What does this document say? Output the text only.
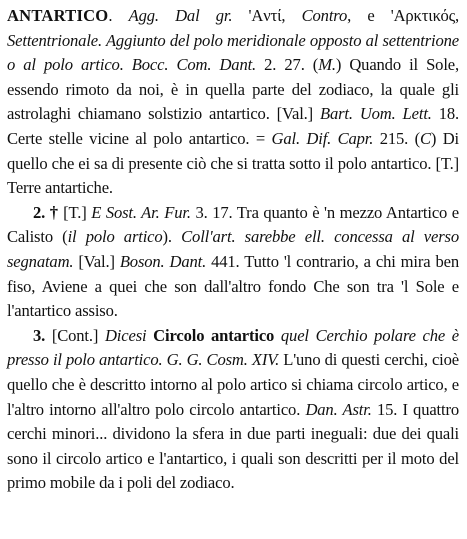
ANTARTICO. Agg. Dal gr. 'Aντί, Contro, e 'Aρκτικός, Settentrionale. Aggiunto del polo meridionale opposto al settentrione o al polo artico. Bocc. Com. Dant. 2. 27. (M.) Quando il Sole, essendo rimoto da noi, è in quella parte del zodiaco, la quale gli astrolaghi chiamano solstizio antartico. [Val.] Bart. Uom. Lett. 18. Certe stelle vicine al polo antartico. = Gal. Dif. Capr. 215. (C) Di quello che ei sa di presente ciò che si tratta sotto il polo antartico. [T.] Terre antartiche.

2. † [T.] E Sost. Ar. Fur. 3. 17. Tra quanto è 'n mezzo Antartico e Calisto (il polo artico). Coll'art. sarebbe ell. concessa al verso segnatam. [Val.] Boson. Dant. 441. Tutto 'l contrario, a chi mira ben fiso, Aviene a quei che son dall'altro fondo Che son tra 'l Sole e l'antartico assiso.

3. [Cont.] Dicesi Circolo antartico quel Cerchio polare che è presso il polo antartico. G. G. Cosm. XIV. L'uno di questi cerchi, cioè quello che è descritto intorno al polo artico si chiama circolo artico, e l'altro intorno all'altro polo circolo antartico. Dan. Astr. 15. I quattro cerchi minori... dividono la sfera in due parti ineguali: due dei quali sono il circolo artico e l'antartico, i quali son descritti per il moto del primo mobile da i poli del zodiaco.
